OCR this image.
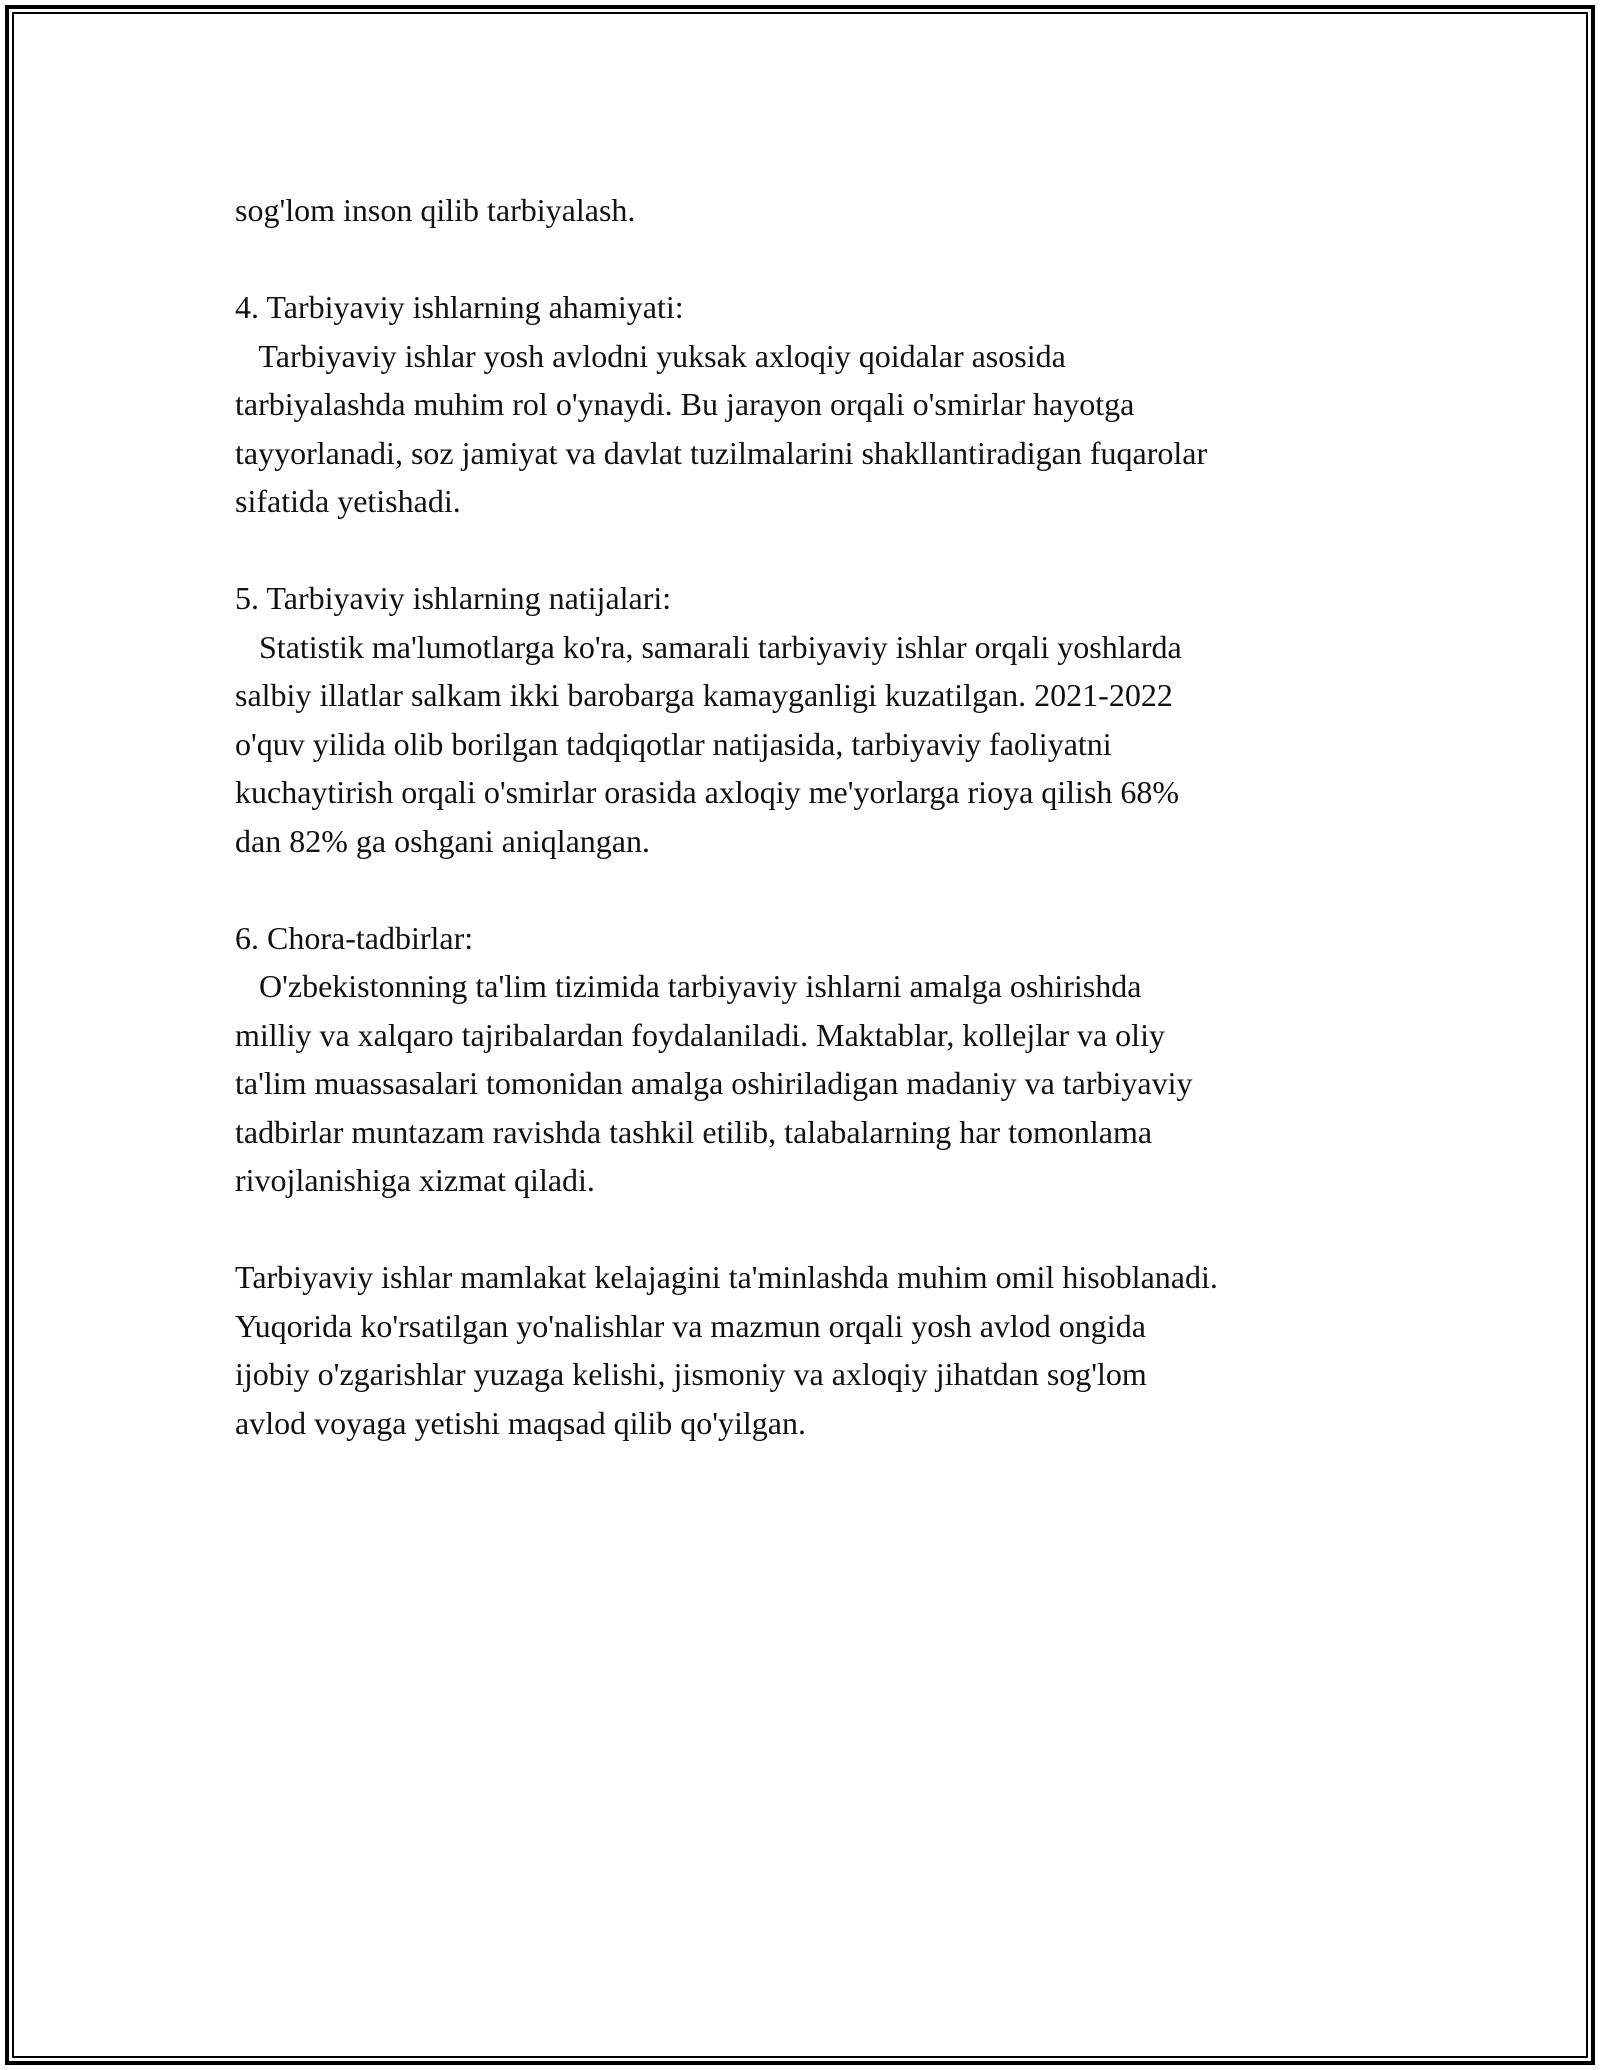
sog'lom inson qilib tarbiyalash.
4. Tarbiyaviy ishlarning ahamiyati:
Tarbiyaviy ishlar yosh avlodni yuksak axloqiy qoidalar asosida
tarbiyalashda muhim rol o'ynaydi. Bu jarayon orqali o'smirlar hayotga
tayyorlanadi, soz jamiyat va davlat tuzilmalarini shakllantiradigan fuqarolar
sifatida yetishadi.
5. Tarbiyaviy ishlarning natijalari:
Statistik ma'lumotlarga ko'ra, samarali tarbiyaviy ishlar orqali yoshlarda
salbiy illatlar salkam ikki barobarga kamayganligi kuzatilgan. 2021-2022
o'quv yilida olib borilgan tadqiqotlar natijasida, tarbiyaviy faoliyatni
kuchaytirish orqali o'smirlar orasida axloqiy me'yorlarga rioya qilish 68%
dan 82% ga oshgani aniqlangan.
6. Chora-tadbirlar:
O'zbekistonning ta'lim tizimida tarbiyaviy ishlarni amalga oshirishda
milliy va xalqaro tajribalardan foydalaniladi. Maktablar, kollejlar va oliy
ta'lim muassasalari tomonidan amalga oshiriladigan madaniy va tarbiyaviy
tadbirlar muntazam ravishda tashkil etilib, talabalarning har tomonlama
rivojlanishiga xizmat qiladi.
Tarbiyaviy ishlar mamlakat kelajagini ta'minlashda muhim omil hisoblanadi.
Yuqorida ko'rsatilgan yo'nalishlar va mazmun orqali yosh avlod ongida
ijobiy o'zgarishlar yuzaga kelishi, jismoniy va axloqiy jihatdan sog'lom
avlod voyaga yetishi maqsad qilib qo'yilgan.
